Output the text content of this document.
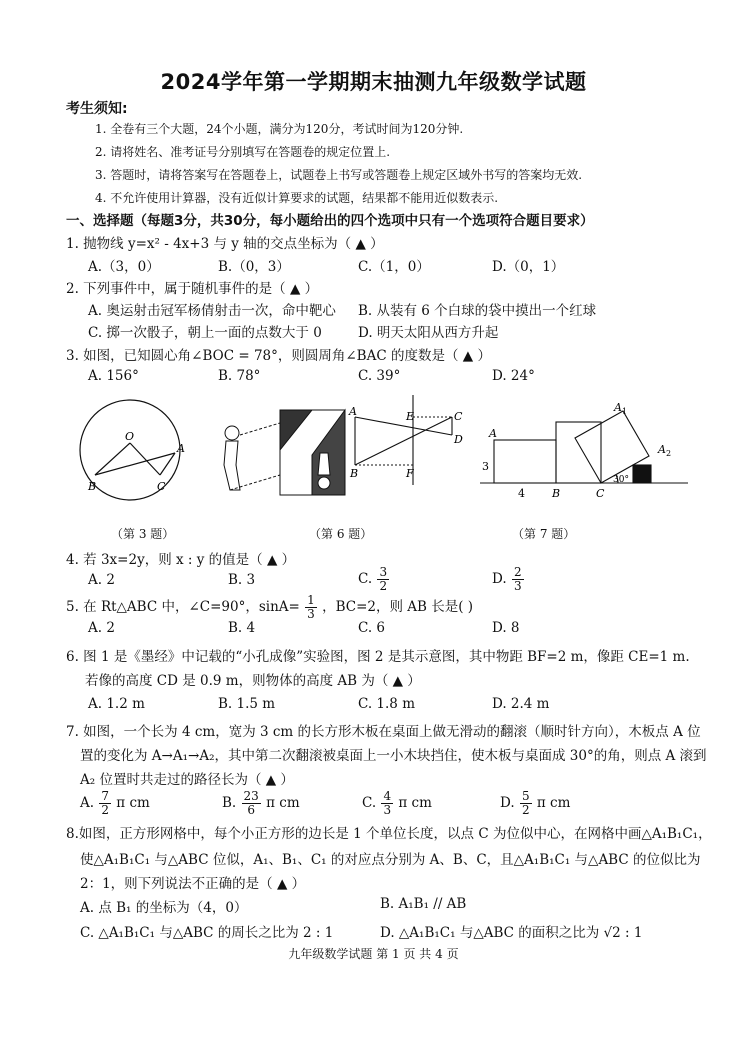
2024学年第一学期期末抽测九年级数学试题
考生须知:
1. 全卷有三个大题，24个小题，满分为120分，考试时间为120分钟.
2. 请将姓名、准考证号分别填写在答题卷的规定位置上.
3. 答题时，请将答案写在答题卷上，试题卷上书写或答题卷上规定区域外书写的答案均无效.
4. 不允许使用计算器，没有近似计算要求的试题，结果都不能用近似数表示.
一、选择题（每题3分，共30分，每小题给出的四个选项中只有一个选项符合题目要求）
1. 抛物线 y=x² - 4x+3 与 y 轴的交点坐标为（ ▲ ）
A.（3，0）	B.（0，3）	C.（1，0）	D.（0，1）
2. 下列事件中，属于随机事件的是（ ▲ ）
A. 奥运射击冠军杨倩射击一次，命中靶心 B. 从装有 6 个白球的袋中摸出一个红球
C. 掷一次骰子，朝上一面的点数大于 0	D. 明天太阳从西方升起
3. 如图，已知圆心角∠BOC = 78°，则圆周角∠BAC 的度数是（ ▲ ）
A. 156°	B. 78°	C. 39°	D. 24°
O
A
B	C
A
B
C
D
E
F
3
4 B	C
30°
A
A 1
A 2
（第 3 题）	（第 6 题）	（第 7 题）
4. 若 3x=2y，则 x : y 的值是（ ▲ ）
A. 2	B. 3	C. $\frac{3}{2}$	D. $\frac{2}{3}$
5. 在 Rt△ABC 中，∠C=90°，$\sin A= \frac{1}{3}$ ，BC=2，则 AB 长是( )
A. 2	B. 4	C. 6	D. 8
6. 图 1 是《墨经》中记载的“小孔成像”实验图，图 2 是其示意图，其中物距 BF=2 m，像距 CE=1 m.
若像的高度 CD 是 0.9 m，则物体的高度 AB 为（ ▲ ）
A. 1.2 m	B. 1.5 m	C. 1.8 m	D. 2.4 m
7. 如图，一个长为 4 cm，宽为 3 cm 的长方形木板在桌面上做无滑动的翻滚（顺时针方向），木板点 A 位
置的变化为 A→A₁→A₂，其中第二次翻滚被桌面上一小木块挡住，使木板与桌面成 30°的角，则点 A 滚到
A₂ 位置时共走过的路径长为（ ▲ ）
A. $\frac{7}{2}$ π cm	B. $\frac{23}{6}$ π cm	C. $\frac{4}{3}$ π cm	D. $\frac{5}{2}$ π cm
8.如图，正方形网格中，每个小正方形的边长是 1 个单位长度，以点 C 为位似中心，在网格中画△A₁B₁C₁，
使△A₁B₁C₁ 与△ABC 位似，A₁、B₁、C₁ 的对应点分别为 A、B、C，且△A₁B₁C₁ 与△ABC 的位似比为
2：1，则下列说法不正确的是（ ▲ ）
A. 点 B₁ 的坐标为（4，0）	B. A₁B₁ // AB
C. △A₁B₁C₁ 与△ABC 的周长之比为 2 : 1	D. △A₁B₁C₁ 与△ABC 的面积之比为 √2 : 1
九年级数学试题 第 1 页 共 4 页
